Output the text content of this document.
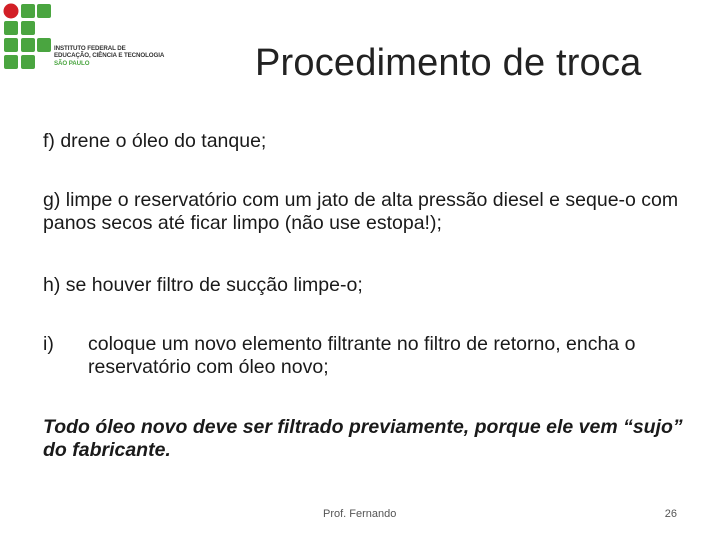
INSTITUTO FEDERAL DE
EDUCAÇÃO, CIÊNCIA E TECNOLOGIA
SÃO PAULO	Procedimento de troca
f) drene o óleo do tanque;
g) limpe o reservatório com um jato de alta pressão diesel e seque-o com panos secos até ficar limpo (não use estopa!);
h) se houver filtro de sucção limpe-o;
i) coloque um novo elemento filtrante no filtro de retorno, encha o reservatório com óleo novo;
Todo óleo novo deve ser filtrado previamente, porque ele vem “sujo” do fabricante.
Prof. Fernando	26
